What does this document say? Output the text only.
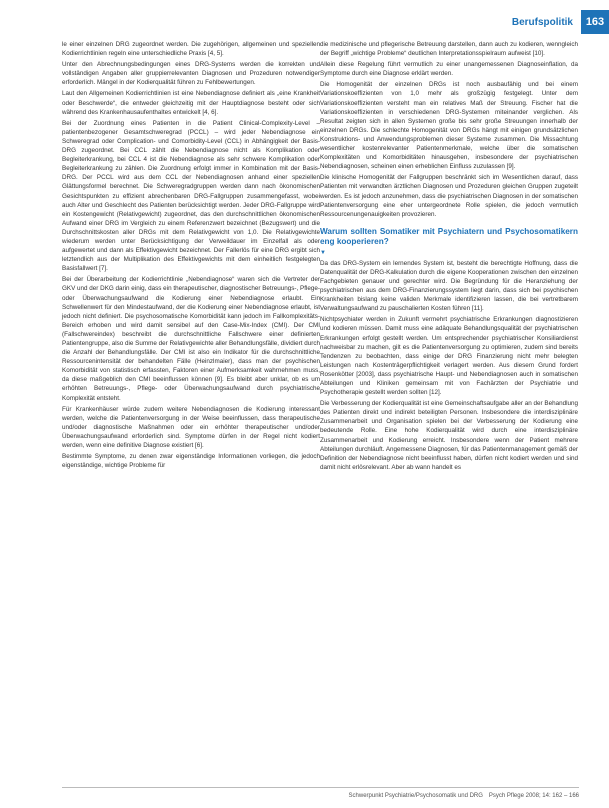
Berufspolitik	163

le einer einzelnen DRG zugeordnet werden. Die zugehörigen, allgemeinen und speziellen Kodierrichtlinien regeln eine unterschiedliche Praxis [4, 5].

Unter den Abrechnungsbedingungen eines DRG-Systems werden die korrekten und vollständigen Angaben aller gruppierrelevanten Diagnosen und Prozeduren notwendiger erforderlich. Mängel in der Kodierqualität führen zu Fehlbewertungen.

Laut den Allgemeinen Kodierrichtlinien ist eine Nebendiagnose definiert als „eine Krankheit oder Beschwerde“, die entweder gleichzeitig mit der Hauptdiagnose besteht oder sich während des Krankenhausaufenthaltes entwickelt [4, 6].

Bei der Zuordnung eines Patienten in die Patient Clinical-Complexity-Level – patientenbezogener Gesamtschweregrad (PCCL) – wird jeder Nebendiagnose ein Schweregrad oder Complication- und Comorbidity-Level (CCL) in Abhängigkeit der Basis-DRG zugeordnet. Bei CCL zählt die Nebendiagnose nicht als Komplikation oder Begleiterkrankung, bei CCL 4 ist die Nebendiagnose als sehr schwere Komplikation oder Begleiterkrankung zu zählen. Die Zuordnung erfolgt immer in Kombination mit der Basis-DRG. Der PCCL wird aus dem CCL der Nebendiagnosen anhand einer speziellen Glättungsformel berechnet. Die Schweregradgruppen werden dann nach ökonomischen Gesichtspunkten zu effizient abrechenbaren DRG-Fallgruppen zusammengefasst, wobei auch Alter und Geschlecht des Patienten berücksichtigt werden. Jeder DRG-Fallgruppe wird ein Kostengewicht (Relativgewicht) zugeordnet, das den durchschnittlichen ökonomischen Aufwand einer DRG im Vergleich zu einem Referenzwert bezeichnet (Bezugswert) und die Durchschnittskosten aller DRGs mit dem Relativgewicht von 1,0. Die Relativgewichte wiederum werden unter Berücksichtigung der Verweildauer im Einzelfall als oder aufgewertet und dann als Effektivgewicht bezeichnet. Der Fallerlös für eine DRG ergibt sich letztendlich aus der Multiplikation des Effektivgewichts mit dem einheitlich festgelegten Basisfallwert [7].

Bei der Überarbeitung der Kodierrichtlinie „Nebendiagnose“ waren sich die Vertreter der GKV und der DKG darin einig, dass ein therapeutischer, diagnostischer Betreuungs-, Pflege- oder Überwachungsaufwand die Kodierung einer Nebendiagnose erlaubt. Ein Schwellenwert für den Mindestaufwand, der die Kodierung einer Nebendiagnose erlaubt, ist jedoch nicht definiert. Die psychosomatische Komorbidität kann jedoch im Fallkomplexitäts-Bereich erhoben und wird damit sensibel auf den Case-Mix-Index (CMI). Der CMI (Fallschwereindex) beschreibt die durchschnittliche Fallschwere einer definierten Patientengruppe, also die Summe der Relativgewichte aller Behandlungsfälle, dividiert durch die Anzahl der Behandlungsfälle. Der CMI ist also ein Indikator für die durchschnittliche Ressourcenintensität der behandelten Fälle (Heinzlmaier), dass man der psychischen Komorbidität von statistisch erfassten, Faktoren einer Aufmerksamkeit wahrnehmen muss, da diese maßgeblich den CMI beeinflussen können [9]. Es bleibt aber unklar, ob es um erhöhten Betreuungs-, Pflege- oder Überwachungsaufwand durch psychiatrische Komplexität entsteht.

Für Krankenhäuser würde zudem weitere Nebendiagnosen die Kodierung interessant werden, welche die Patientenversorgung in der Weise beeinflussen, dass therapeutische und/oder diagnostische Maßnahmen oder ein erhöhter therapeutischer und/oder Überwachungsaufwand erforderlich sind. Symptome dürfen in der Regel nicht kodiert werden, wenn eine definitive Diagnose existiert [6].

Bestimmte Symptome, zu denen zwar eigenständige Informationen vorliegen, die jedoch eigenständige, wichtige Probleme für

die medizinische und pflegerische Betreuung darstellen, dann auch zu kodieren, wenngleich der Begriff „wichtige Probleme“ deutlichen Interpretationsspielraum aufweist [10].

Allein diese Regelung führt vermutlich zu einer unangemessenen Diagnoseinflation, da Symptome durch eine Diagnose erklärt werden.

Die Homogenität der einzelnen DRGs ist noch ausbaufähig und bei einem Variationskoeffizienten von 1,0 mehr als großzügig festgelegt. Unter dem Variationskoeffizienten versteht man ein relatives Maß der Streuung. Fischer hat die Variationskoeffizienten in verschiedenen DRG-Systemen miteinander verglichen. Als Resultat zeigten sich in allen Systemen große bis sehr große Streuungen innerhalb der einzelnen DRGs. Die schlechte Homogenität von DRGs hängt mit einigen grundsätzlichen Konstruktions- und Anwendungsproblemen dieser Systeme zusammen. Die Missachtung wesentlicher kostenrelevanter Patientenmerkmale, welche über die somatischen Komplexitäten und Komorbiditäten hinausgehen, insbesondere der psychiatrischen Nebendiagnosen, scheinen einen erheblichen Einfluss zuzulassen [9].

Die klinische Homogenität der Fallgruppen beschränkt sich im Wesentlichen darauf, dass Patienten mit verwandten ärztlichen Diagnosen und Prozeduren gleichen Gruppen zugeteilt werden. Es ist jedoch anzunehmen, dass die psychiatrischen Diagnosen in der somatischen Patientenversorgung eine eher untergeordnete Rolle spielen, die jedoch vermutlich Ressourcenungenauigkeiten provozieren.

Warum sollten Somatiker mit Psychiatern und Psychosomatikern eng kooperieren?
▼

Da das DRG-System ein lernendes System ist, besteht die berechtigte Hoffnung, dass die Datenqualität der DRG-Kalkulation durch die eigene Kooperationen zwischen den einzelnen Fachgebieten genauer und gerechter wird. Die Begründung für die Heranziehung der psychiatrischen aus dem DRG-Finanzierungssystem liegt darin, dass sich bei psychischen Krankheiten bislang keine validen Merkmale identifizieren lassen, die bei vertretbarem Verwaltungsaufwand zu pauschalierten Kosten führen [11].

Nichtpsychiater werden in Zukunft vermehrt psychiatrische Erkrankungen diagnostizieren und kodieren müssen. Damit muss eine adäquate Behandlungsqualität der psychiatrischen Erkrankungen erfolgt gestellt werden. Um entsprechender psychiatrischer Konsiliardienst nachweisbar zu machen, gilt es die Patientenversorgung zu optimieren, zudem sind bereits Tendenzen zu beobachten, dass einige der DRG Finanzierung nicht mehr belegten Leistungen nach Kostenträgerpflichtigkeit verlagert werden. Aus diesem Grund fordert Rosenkötter [2003], dass psychiatrische Haupt- und Nebendiagnosen auch in somatischen Abteilungen und Kliniken gemeinsam mit von Fachärzten der Psychiatrie und Psychotherapie gestellt werden sollten [12].

Die Verbesserung der Kodierqualität ist eine Gemeinschaftsaufgabe aller an der Behandlung des Patienten direkt und indirekt beteiligten Personen. Insbesondere die interdisziplinäre Zusammenarbeit und Organisation spielen bei der Verbesserung der Kodierung eine bedeutende Rolle. Eine hohe Kodierqualität wird durch eine interdisziplinäre Zusammenarbeit und Kodierung erreicht. Insbesondere wenn der Patient mehrere Abteilungen durchläuft. Angemessene Diagnosen, für das Patientenmanagement gemäß der Definition der Nebendiagnose nicht beeinflusst haben, dürfen nicht kodiert werden und sind damit nicht erlösrelevant. Aber ab wann handelt es

Schwerpunkt Psychiatrie/Psychosomatik und DRG Psych Pflege 2008; 14: 162 – 166
